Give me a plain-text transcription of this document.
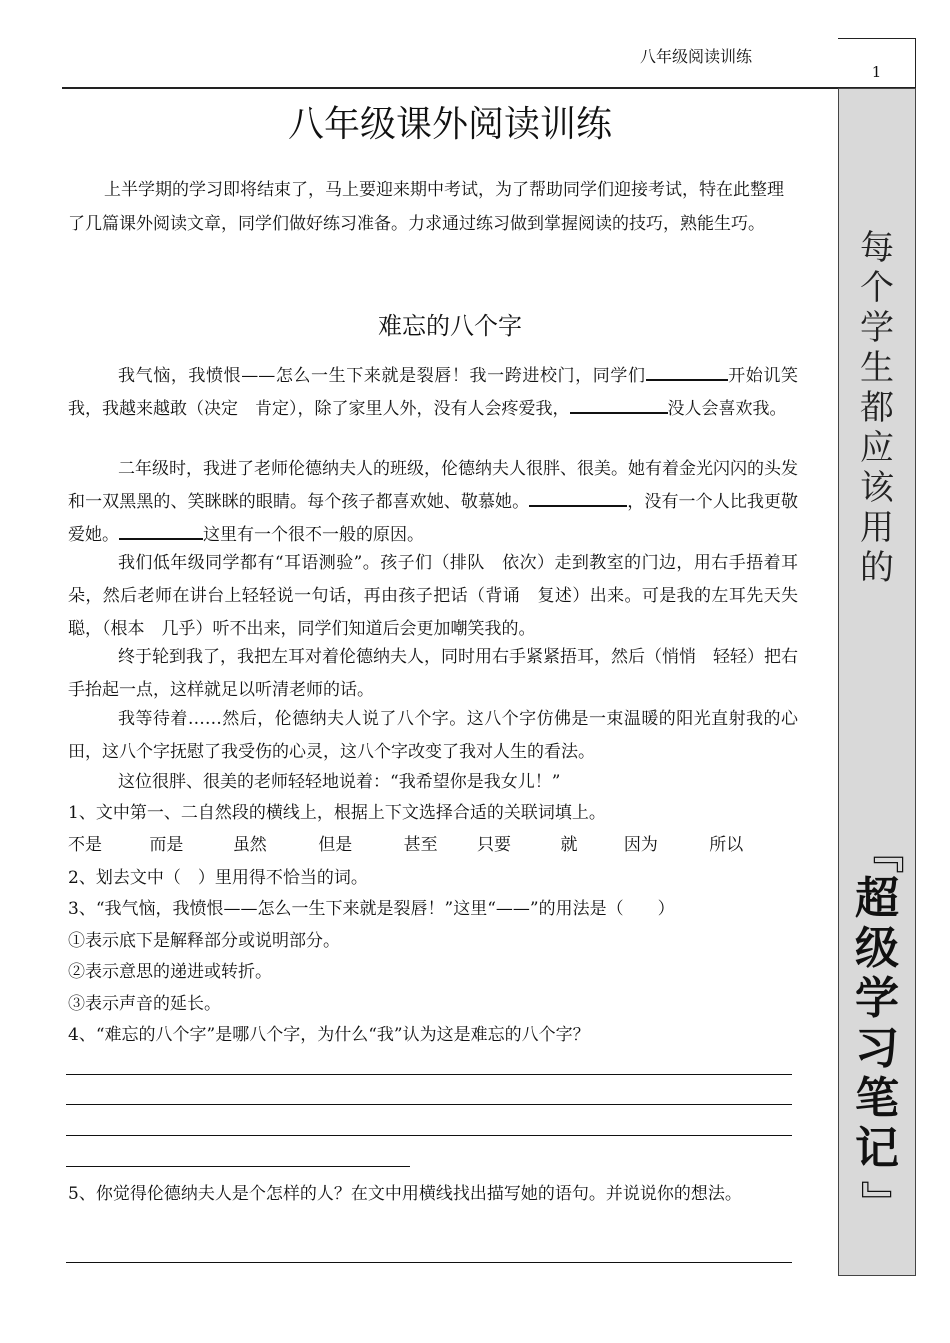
八年级阅读训练
1
每
个
学
生
都
应
该
用
的
『
超
级
学
习
笔
记
』
八年级课外阅读训练

上半学期的学习即将结束了，马上要迎来期中考试，为了帮助同学们迎接考试，特在此整理了几篇课外阅读文章，同学们做好练习准备。力求通过练习做到掌握阅读的技巧，熟能生巧。

难忘的八个字

我气恼，我愤恨——怎么一生下来就是裂唇！我一跨进校门，同学们	开始讥笑我，我越来越敢（决定　肯定），除了家里人外，没有人会疼爱我，	没人会喜欢我。

二年级时，我进了老师伦德纳夫人的班级，伦德纳夫人很胖、很美。她有着金光闪闪的头发和一双黑黑的、笑眯眯的眼睛。每个孩子都喜欢她、敬慕她。	，没有一个人比我更敬爱她。	这里有一个很不一般的原因。

我们低年级同学都有“耳语测验”。孩子们（排队　依次）走到教室的门边，用右手捂着耳朵，然后老师在讲台上轻轻说一句话，再由孩子把话（背诵　复述）出来。可是我的左耳先天失聪，（根本　几乎）听不出来，同学们知道后会更加嘲笑我的。

终于轮到我了，我把左耳对着伦德纳夫人，同时用右手紧紧捂耳，然后（悄悄　轻轻）把右手抬起一点，这样就足以听清老师的话。

我等待着……然后，伦德纳夫人说了八个字。这八个字仿佛是一束温暖的阳光直射我的心田，这八个字抚慰了我受伤的心灵，这八个字改变了我对人生的看法。

这位很胖、很美的老师轻轻地说着：“我希望你是我女儿！”

1、文中第一、二自然段的横线上，根据上下文选择合适的关联词填上。

不是	而是	虽然	但是	甚至 只要	就	因为	所以

2、划去文中（　）里用得不恰当的词。

3、“我气恼，我愤恨——怎么一生下来就是裂唇！”这里“——”的用法是（　　）

①表示底下是解释部分或说明部分。

②表示意思的递进或转折。

③表示声音的延长。

4、“难忘的八个字”是哪八个字，为什么“我”认为这是难忘的八个字？

5、你觉得伦德纳夫人是个怎样的人？在文中用横线找出描写她的语句。并说说你的想法。
